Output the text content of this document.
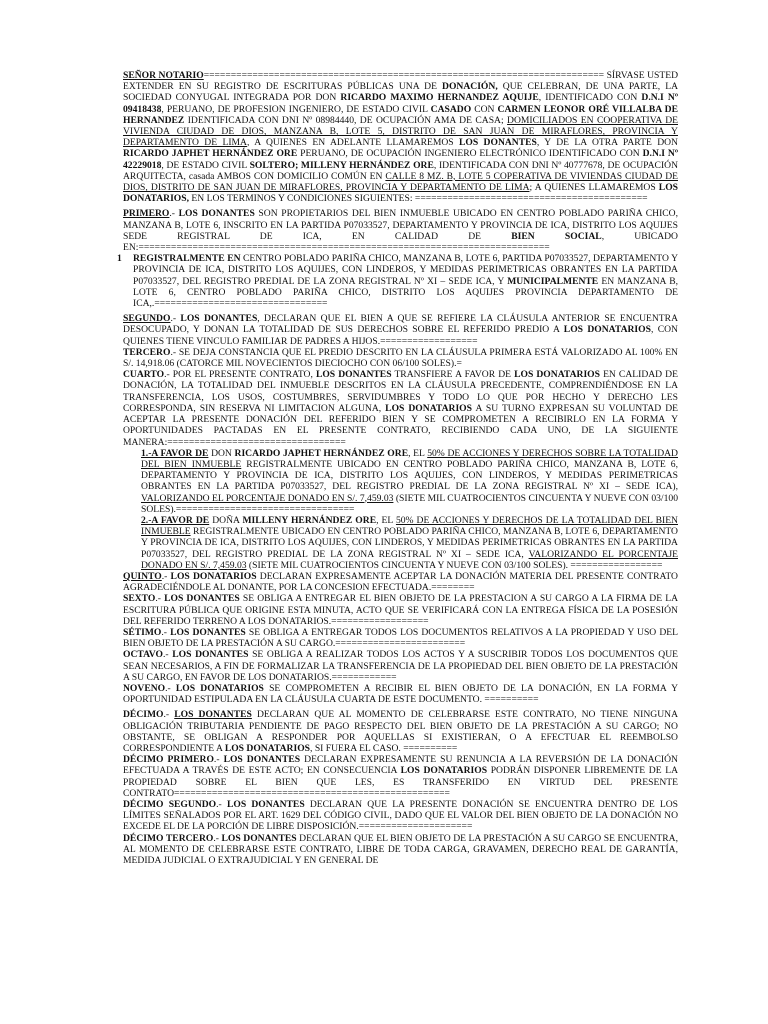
SEÑOR NOTARIO========================================================================== SÍRVASE USTED EXTENDER EN SU REGISTRO DE ESCRITURAS PÚBLICAS UNA DE DONACIÓN, QUE CELEBRAN, DE UNA PARTE, LA SOCIEDAD CONYUGAL INTEGRADA POR DON RICARDO MAXIMO HERNANDEZ AQUIJE, IDENTIFICADO CON D.N.I Nº 09418438, PERUANO, DE PROFESION INGENIERO, DE ESTADO CIVIL CASADO CON CARMEN LEONOR ORÉ VILLALBA DE HERNANDEZ IDENTIFICADA CON DNI Nº 08984440, DE OCUPACIÓN AMA DE CASA; DOMICILIADOS EN COOPERATIVA DE VIVIENDA CIUDAD DE DIOS, MANZANA B, LOTE 5, DISTRITO DE SAN JUAN DE MIRAFLORES, PROVINCIA Y DEPARTAMENTO DE LIMA, A QUIENES EN ADELANTE LLAMAREMOS LOS DONANTES, Y DE LA OTRA PARTE DON RICARDO JAPHET HERNÁNDEZ ORE PERUANO, DE OCUPACIÓN INGENIERO ELECTRÓNICO IDENTIFICADO CON D.N.I Nº 42229018, DE ESTADO CIVIL SOLTERO; MILLENY HERNÁNDEZ ORE, IDENTIFICADA CON DNI Nº 40777678, DE OCUPACIÓN ARQUITECTA, casada AMBOS CON DOMICILIO COMÚN EN CALLE 8 MZ. B, LOTE 5 COPERATIVA DE VIVIENDAS CIUDAD DE DIOS, DISTRITO DE SAN JUAN DE MIRAFLORES, PROVINCIA Y DEPARTAMENTO DE LIMA; A QUIENES LLAMAREMOS LOS DONATARIOS, EN LOS TERMINOS Y CONDICIONES SIGUIENTES: ===========================================

PRIMERO.- LOS DONANTES SON PROPIETARIOS DEL BIEN INMUEBLE UBICADO EN CENTRO POBLADO PARIÑA CHICO, MANZANA B, LOTE 6, INSCRITO EN LA PARTIDA P07033527, DEPARTAMENTO Y PROVINCIA DE ICA, DISTRITO LOS AQUIJES SEDE REGISTRAL DE ICA, EN CALIDAD DE BIEN SOCIAL, UBICADO EN:============================================================================

1 REGISTRALMENTE EN CENTRO POBLADO PARIÑA CHICO, MANZANA B, LOTE 6, PARTIDA P07033527, DEPARTAMENTO Y PROVINCIA DE ICA, DISTRITO LOS AQUIJES, CON LINDEROS, Y MEDIDAS PERIMETRICAS OBRANTES EN LA PARTIDA P07033527, DEL REGISTRO PREDIAL DE LA ZONA REGISTRAL Nº XI – SEDE ICA, Y MUNICIPALMENTE EN MANZANA B, LOTE 6, CENTRO POBLADO PARIÑA CHICO, DISTRITO LOS AQUIJES PROVINCIA DEPARTAMENTO DE ICA,.================================

SEGUNDO.- LOS DONANTES, DECLARAN QUE EL BIEN A QUE SE REFIERE LA CLÁUSULA ANTERIOR SE ENCUENTRA DESOCUPADO, Y DONAN LA TOTALIDAD DE SUS DERECHOS SOBRE EL REFERIDO PREDIO A LOS DONATARIOS, CON QUIENES TIENE VINCULO FAMILIAR DE PADRES A HIJOS.==================

TERCERO.- SE DEJA CONSTANCIA QUE EL PREDIO DESCRITO EN LA CLÁUSULA PRIMERA ESTÁ VALORIZADO AL 100% EN S/. 14,918.06 (CATORCE MIL NOVECIENTOS DIECIOCHO CON 06/100 SOLES).=

CUARTO.- POR EL PRESENTE CONTRATO, LOS DONANTES TRANSFIERE A FAVOR DE LOS DONATARIOS EN CALIDAD DE DONACIÓN, LA TOTALIDAD DEL INMUEBLE DESCRITOS EN LA CLÁUSULA PRECEDENTE, COMPRENDIÉNDOSE EN LA TRANSFERENCIA, LOS USOS, COSTUMBRES, SERVIDUMBRES Y TODO LO QUE POR HECHO Y DERECHO LES CORRESPONDA, SIN RESERVA NI LIMITACION ALGUNA, LOS DONATARIOS A SU TURNO EXPRESAN SU VOLUNTAD DE ACEPTAR LA PRESENTE DONACIÓN DEL REFERIDO BIEN Y SE COMPROMETEN A RECIBIRLO EN LA FORMA Y OPORTUNIDADES PACTADAS EN EL PRESENTE CONTRATO, RECIBIENDO CADA UNO, DE LA SIGUIENTE MANERA:=================================

1.-A FAVOR DE DON RICARDO JAPHET HERNÁNDEZ ORE, EL 50% DE ACCIONES Y DERECHOS SOBRE LA TOTALIDAD DEL BIEN INMUEBLE REGISTRALMENTE UBICADO EN CENTRO POBLADO PARIÑA CHICO, MANZANA B, LOTE 6, DEPARTAMENTO Y PROVINCIA DE ICA, DISTRITO LOS AQUIJES, CON LINDEROS, Y MEDIDAS PERIMETRICAS OBRANTES EN LA PARTIDA P07033527, DEL REGISTRO PREDIAL DE LA ZONA REGISTRAL Nº XI – SEDE ICA), VALORIZANDO EL PORCENTAJE DONADO EN S/. 7,459.03 (SIETE MIL CUATROCIENTOS CINCUENTA Y NUEVE CON 03/100 SOLES).=================================

2.-A FAVOR DE DOÑA MILLENY HERNÁNDEZ ORE, EL 50% DE ACCIONES Y DERECHOS DE LA TOTALIDAD DEL BIEN INMUEBLE REGISTRALMENTE UBICADO EN CENTRO POBLADO PARIÑA CHICO, MANZANA B, LOTE 6, DEPARTAMENTO Y PROVINCIA DE ICA, DISTRITO LOS AQUIJES, CON LINDEROS, Y MEDIDAS PERIMETRICAS OBRANTES EN LA PARTIDA P07033527, DEL REGISTRO PREDIAL DE LA ZONA REGISTRAL Nº XI – SEDE ICA, VALORIZANDO EL PORCENTAJE DONADO EN S/. 7,459.03 (SIETE MIL CUATROCIENTOS CINCUENTA Y NUEVE CON 03/100 SOLES). =================

QUINTO.- LOS DONATARIOS DECLARAN EXPRESAMENTE ACEPTAR LA DONACIÓN MATERIA DEL PRESENTE CONTRATO AGRADECIÉNDOLE AL DONANTE, POR LA CONCESION EFECTUADA.========

SEXTO.- LOS DONANTES SE OBLIGA A ENTREGAR EL BIEN OBJETO DE LA PRESTACION A SU CARGO A LA FIRMA DE LA ESCRITURA PÚBLICA QUE ORIGINE ESTA MINUTA, ACTO QUE SE VERIFICARÁ CON LA ENTREGA FÍSICA DE LA POSESIÓN DEL REFERIDO TERRENO A LOS DONATARIOS.==================

SÉTIMO.- LOS DONANTES SE OBLIGA A ENTREGAR TODOS LOS DOCUMENTOS RELATIVOS A LA PROPIEDAD Y USO DEL BIEN OBJETO DE LA PRESTACIÓN A SU CARGO.========================

OCTAVO.- LOS DONANTES SE OBLIGA A REALIZAR TODOS LOS ACTOS Y A SUSCRIBIR TODOS LOS DOCUMENTOS QUE SEAN NECESARIOS, A FIN DE FORMALIZAR LA TRANSFERENCIA DE LA PROPIEDAD DEL BIEN OBJETO DE LA PRESTACIÓN A SU CARGO, EN FAVOR DE LOS DONATARIOS.============

NOVENO.- LOS DONATARIOS SE COMPROMETEN A RECIBIR EL BIEN OBJETO DE LA DONACIÓN, EN LA FORMA Y OPORTUNIDAD ESTIPULADA EN LA CLÁUSULA CUARTA DE ESTE DOCUMENTO. ==========

DÉCIMO.- LOS DONANTES DECLARAN QUE AL MOMENTO DE CELEBRARSE ESTE CONTRATO, NO TIENE NINGUNA OBLIGACIÓN TRIBUTARIA PENDIENTE DE PAGO RESPECTO DEL BIEN OBJETO DE LA PRESTACIÓN A SU CARGO; NO OBSTANTE, SE OBLIGAN A RESPONDER POR AQUELLAS SI EXISTIERAN, O A EFECTUAR EL REEMBOLSO CORRESPONDIENTE A LOS DONATARIOS, SI FUERA EL CASO. ==========

DÉCIMO PRIMERO.- LOS DONANTES DECLARAN EXPRESAMENTE SU RENUNCIA A LA REVERSIÓN DE LA DONACIÓN EFECTUADA A TRAVÉS DE ESTE ACTO; EN CONSECUENCIA LOS DONATARIOS PODRÁN DISPONER LIBREMENTE DE LA PROPIEDAD SOBRE EL BIEN QUE LES, ES TRANSFERIDO EN VIRTUD DEL PRESENTE CONTRATO===================================================

DÉCIMO SEGUNDO.- LOS DONANTES DECLARAN QUE LA PRESENTE DONACIÓN SE ENCUENTRA DENTRO DE LOS LÍMITES SEÑALADOS POR EL ART. 1629 DEL CÓDIGO CIVIL, DADO QUE EL VALOR DEL BIEN OBJETO DE LA DONACIÓN NO EXCEDE EL DE LA PORCIÓN DE LIBRE DISPOSICIÓN.=====================

DÉCIMO TERCERO.- LOS DONANTES DECLARAN QUE EL BIEN OBJETO DE LA PRESTACIÓN A SU CARGO SE ENCUENTRA, AL MOMENTO DE CELEBRARSE ESTE CONTRATO, LIBRE DE TODA CARGA, GRAVAMEN, DERECHO REAL DE GARANTÍA, MEDIDA JUDICIAL O EXTRAJUDICIAL Y EN GENERAL DE
